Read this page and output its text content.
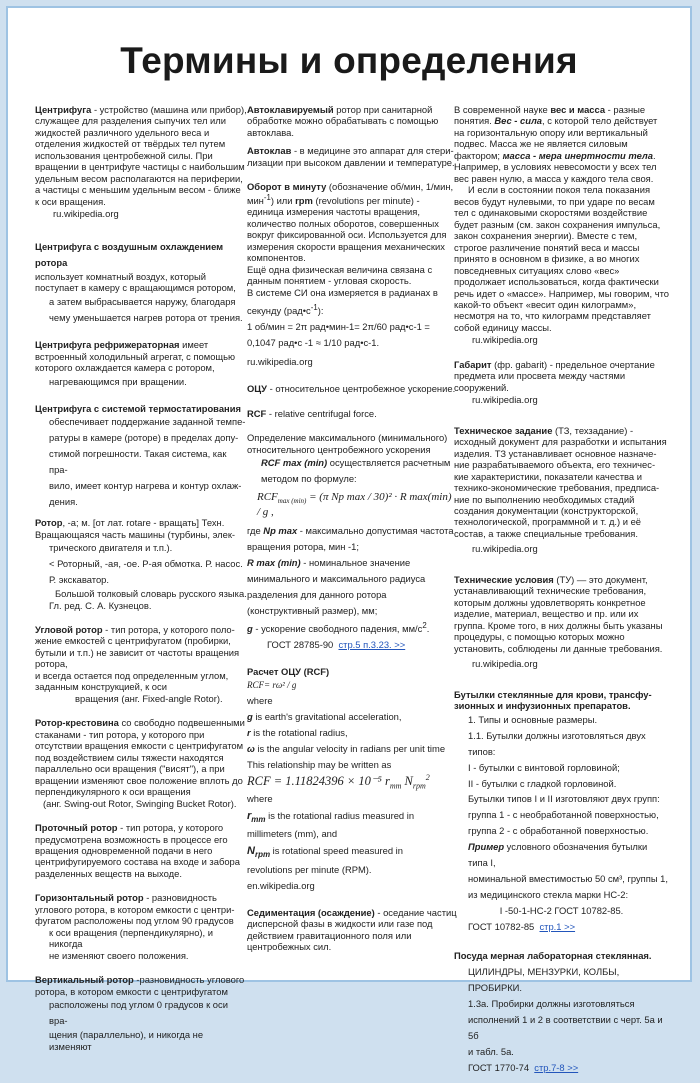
Термины и определения

Центрифуга - устройство (машина или прибор), служащее для разделения сыпучих тел или жидкостей различного удельного веса и отделения жидкостей от твёрдых тел путем использования центробежной силы. При вращении в центрифуге частицы с наибольшим удельным весом располагаются на периферии, а частицы с меньшим удельным весом - ближе к оси вращения.

ru.wikipedia.org

Центрифуга с воздушным охлаждением ротора

использует комнатный воздух, который поступает в камеру с вращающимся ротором,

а затем выбрасывается наружу, благодаря

чему уменьшается нагрев ротора от трения.

Центрифуга рефрижераторная имеет встроенный холодильный агрегат, с помощью которого охлаждается камера с ротором,

нагревающимся при вращении.

Центрифуга с системой термостатирования

обеспечивает поддержание заданной темпе-

ратуры в камере (роторе) в пределах допу-

стимой погрешности. Такая система, как пра-

вило, имеет контур нагрева и контур охлаж-

дения.

Ротор, -а; м. [от лат. rotare - вращать] Техн. Вращающаяся часть машины (турбины, элек-

трического двигателя и т.п.).

< Роторный, -ая, -ое. Р-ая обмотка. Р. насос.

Р. экскаватор.

Большой толковый словарь русского языка.

Гл. ред. С. А. Кузнецов.

Угловой ротор - тип ротора, у которого поло-жение емкостей с центрифугатом (пробирки, бутыли и т.п.) не зависит от частоты вращения ротора,

и всегда остается под определенным углом, заданным конструкцией, к оси

вращения (анг. Fixed-angle Rotor).

Ротор-крестовина со свободно подвешенными стаканами - тип ротора, у которого при отсутствии вращения емкости с центрифугатом под воздействием силы тяжести находятся параллельно оси вращения ("висят"), а при вращении изменяют свое положение вплоть до перпендикулярного к оси вращения

(анг. Swing-out Rotor, Swinging Bucket Rotor).

Проточный ротор - тип ротора, у которого предусмотрена возможность в процессе его вращения одновременной подачи в него центрифугируемого состава на входе и забора разделенных веществ на выходе.

Горизонтальный ротор - разновидность углового ротора, в котором емкости с центри-фугатом расположены под углом 90 градусов

к оси вращения (перпендикулярно), и никогда

не изменяют своего положения.

Вертикальный ротор -разновидность углового ротора, в котором емкости с центрифугатом

расположены под углом 0 градусов к оси вра-

щения (параллельно), и никогда не изменяют

Автоклавируемый ротор при санитарной обработке можно обрабатывать с помощью автоклава.

Автоклав - в медицине это аппарат для стери-лизации при высоком давлении и температуре.

Оборот в минуту (обозначение об/мин, 1/мин, мин$^{-1}$) или rpm (revolutions per minute) - единица измерения частоты вращения, количество полных оборотов, совершенных вокруг фиксированной оси. Используется для измерения скорости вращения механических компонентов.

Ещё одна физическая величина связана с данным понятием - угловая скорость.

В системе СИ она измеряется в радианах в

секунду $(рад•с^{-1})$:

1 об/мин = 2π рад•мин-1= 2π/60 рад•с-1 =

0,1047 рад•с -1 ≈ 1/10 рад•с-1.

ru.wikipedia.org

ОЦУ - относительное центробежное ускорение.

RCF - relative centrifugal force.

Определение максимального (минимального) относительного центробежного ускорения

RCF max (min) осуществляется расчетным методом по формуле:

$RCF_{max (min)} = (\pi$ Np max / 30)² · R max(min) / g ,

где Np max - максимально допустимая частота вращения ротора, мин -1;

R max (min) - номинальное значение минимального и максимального радиуса разделения для данного ротора (конструктивный размер), мм;

g - ускорение свободного падения, $мм/с^2$.

ГОСТ 28785-90 стр.5 п.3.23. >>

Расчет ОЦУ (RCF)

RCF= rω² / g

where

g is earth's gravitational acceleration,

r is the rotational radius,

ω is the angular velocity in radians per unit time

This relationship may be written as

RCF = 1.11824396 × 10⁻⁵ $r_{mm}$ $N_{rpm}^2$

where

$r_{mm}$ is the rotational radius measured in

millimeters (mm), and

$N_{rpm}$ is rotational speed measured in

revolutions per minute (RPM).

en.wikipedia.org

Седиментация (осаждение) - оседание частиц дисперсной фазы в жидкости или газе под действием гравитационного поля или центробежных сил.

В современной науке вес и масса - разные понятия. Вес - сила, с которой тело действует на горизонтальную опору или вертикальный подвес. Масса же не является силовым фактором; масса - мера инертности тела. Например, в условиях невесомости у всех тел вес равен нулю, а масса у каждого тела своя.

И если в состоянии покоя тела показания весов будут нулевыми, то при ударе по весам тел с одинаковыми скоростями воздействие будет разным (см. закон сохранения импульса, закон сохранения энергии). Вместе с тем, строгое различение понятий веса и массы принято в основном в физике, а во многих повседневных ситуациях слово «вес» продолжает использоваться, когда фактически речь идет о «массе». Например, мы говорим, что какой-то объект «весит один килограмм», несмотря на то, что килограмм представляет собой единицу массы.

ru.wikipedia.org

Габарит (фр. gabarit) - предельное очертание предмета или просвета между частями сооружений.

ru.wikipedia.org

Техническое задание (ТЗ, техзадание) - исходный документ для разработки и испытания изделия. ТЗ устанавливает основное назначе-ние разрабатываемого объекта, его техничес-кие характеристики, показатели качества и технико-экономические требования, предписа-ние по выполнению необходимых стадий создания документации (конструкторской, технологической, программной и т. д.) и её состав, а также специальные требования.

ru.wikipedia.org

Технические условия (ТУ) — это документ, устанавливающий технические требования, которым должны удовлетворять конкретное изделие, материал, вещество и пр. или их группа. Кроме того, в них должны быть указаны процедуры, с помощью которых можно установить, соблюдены ли данные требования.

ru.wikipedia.org

Бутылки стеклянные для крови, трансфу-зионных и инфузионных препаратов.

1. Типы и основные размеры.

1.1. Бутылки должны изготовляться двух типов:

I - бутылки с винтовой горловиной;

II - бутылки с гладкой горловиной.

Бутылки типов I и II изготовляют двух групп:

группа 1 - с необработанной поверхностью,

группа 2 - с обработанной поверхностью.

Пример условного обозначения бутылки типа I,

номинальной вместимостью 50 см³, группы 1,

из медицинского стекла марки НС-2:

I -50-1-НС-2 ГОСТ 10782-85.

ГОСТ 10782-85 стр.1 >>

Посуда мерная лабораторная стеклянная.

ЦИЛИНДРЫ, МЕНЗУРКИ, КОЛБЫ, ПРОБИРКИ.

1.3а. Пробирки должны изготовляться

исполнений 1 и 2 в соответствии с черт. 5а и 5б

и табл. 5а.

ГОСТ 1770-74 стр.7-8 >>
